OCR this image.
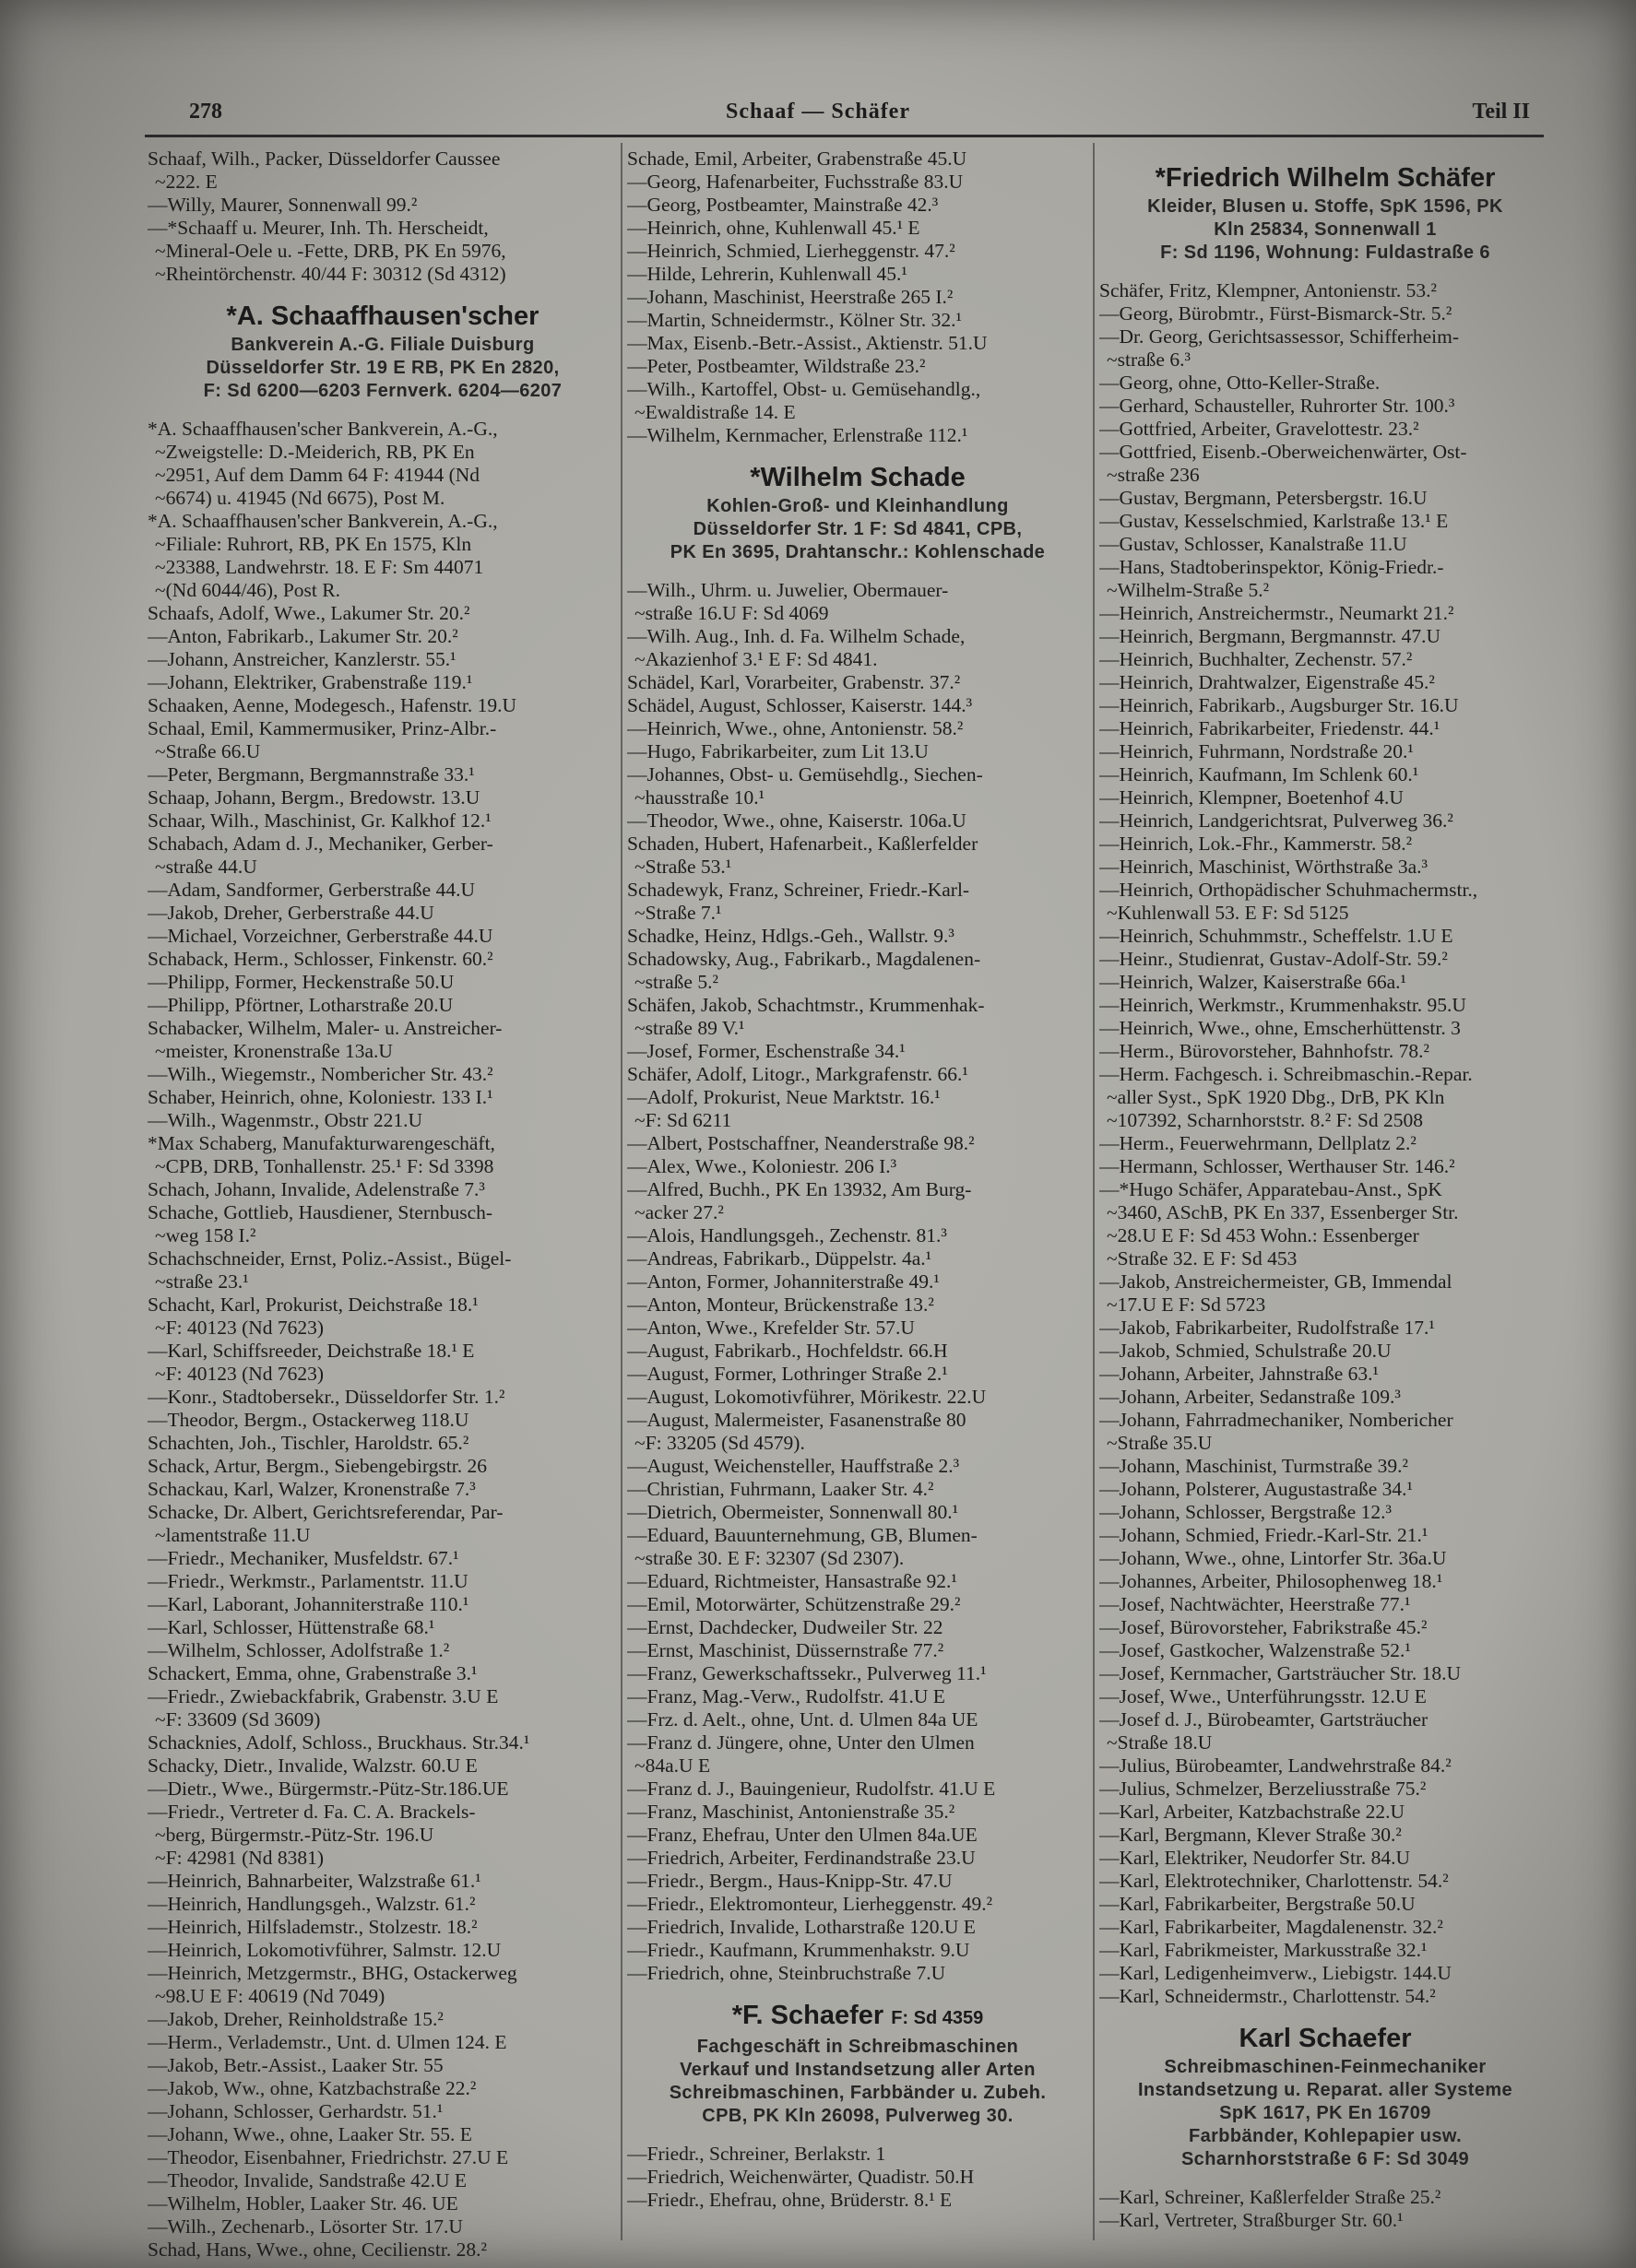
278	Schaaf — Schäfer	Teil II
Schaaf, Wilh., Packer, Düsseldorfer Caussee
~222. E
—Willy, Maurer, Sonnenwall 99.²
—*Schaaff u. Meurer, Inh. Th. Herscheidt,
~Mineral-Oele u. -Fette, DRB, PK En 5976,
~Rheintörchenstr. 40/44 F: 30312 (Sd 4312)
*A. Schaaffhausen'scher
Bankverein A.-G. Filiale Duisburg
Düsseldorfer Str. 19 E RB, PK En 2820,
F: Sd 6200—6203 Fernverk. 6204—6207
*A. Schaaffhausen'scher Bankverein, A.-G.,
~Zweigstelle: D.-Meiderich, RB, PK En
~2951, Auf dem Damm 64 F: 41944 (Nd
~6674) u. 41945 (Nd 6675), Post M.
*A. Schaaffhausen'scher Bankverein, A.-G.,
~Filiale: Ruhrort, RB, PK En 1575, Kln
~23388, Landwehrstr. 18. E F: Sm 44071
~(Nd 6044/46), Post R.
Schaafs, Adolf, Wwe., Lakumer Str. 20.²
—Anton, Fabrikarb., Lakumer Str. 20.²
—Johann, Anstreicher, Kanzlerstr. 55.¹
—Johann, Elektriker, Grabenstraße 119.¹
Schaaken, Aenne, Modegesch., Hafenstr. 19.U
Schaal, Emil, Kammermusiker, Prinz-Albr.-
~Straße 66.U
—Peter, Bergmann, Bergmannstraße 33.¹
Schaap, Johann, Bergm., Bredowstr. 13.U
Schaar, Wilh., Maschinist, Gr. Kalkhof 12.¹
Schabach, Adam d. J., Mechaniker, Gerber-
~straße 44.U
—Adam, Sandformer, Gerberstraße 44.U
—Jakob, Dreher, Gerberstraße 44.U
—Michael, Vorzeichner, Gerberstraße 44.U
Schaback, Herm., Schlosser, Finkenstr. 60.²
—Philipp, Former, Heckenstraße 50.U
—Philipp, Pförtner, Lotharstraße 20.U
Schabacker, Wilhelm, Maler- u. Anstreicher-
~meister, Kronenstraße 13a.U
—Wilh., Wiegemstr., Nombericher Str. 43.²
Schaber, Heinrich, ohne, Koloniestr. 133 I.¹
—Wilh., Wagenmstr., Obstr 221.U
*Max Schaberg, Manufakturwarengeschäft,
~CPB, DRB, Tonhallenstr. 25.¹ F: Sd 3398
Schach, Johann, Invalide, Adelenstraße 7.³
Schache, Gottlieb, Hausdiener, Sternbusch-
~weg 158 I.²
Schachschneider, Ernst, Poliz.-Assist., Bügel-
~straße 23.¹
Schacht, Karl, Prokurist, Deichstraße 18.¹
~F: 40123 (Nd 7623)
—Karl, Schiffsreeder, Deichstraße 18.¹ E
~F: 40123 (Nd 7623)
—Konr., Stadtobersekr., Düsseldorfer Str. 1.²
—Theodor, Bergm., Ostackerweg 118.U
Schachten, Joh., Tischler, Haroldstr. 65.²
Schack, Artur, Bergm., Siebengebirgstr. 26
Schackau, Karl, Walzer, Kronenstraße 7.³
Schacke, Dr. Albert, Gerichtsreferendar, Par-
~lamentstraße 11.U
—Friedr., Mechaniker, Musfeldstr. 67.¹
—Friedr., Werkmstr., Parlamentstr. 11.U
—Karl, Laborant, Johanniterstraße 110.¹
—Karl, Schlosser, Hüttenstraße 68.¹
—Wilhelm, Schlosser, Adolfstraße 1.²
Schackert, Emma, ohne, Grabenstraße 3.¹
—Friedr., Zwiebackfabrik, Grabenstr. 3.U E
~F: 33609 (Sd 3609)
Schacknies, Adolf, Schloss., Bruckhaus. Str.34.¹
Schacky, Dietr., Invalide, Walzstr. 60.U E
—Dietr., Wwe., Bürgermstr.-Pütz-Str.186.UE
—Friedr., Vertreter d. Fa. C. A. Brackels-
~berg, Bürgermstr.-Pütz-Str. 196.U
~F: 42981 (Nd 8381)
—Heinrich, Bahnarbeiter, Walzstraße 61.¹
—Heinrich, Handlungsgeh., Walzstr. 61.²
—Heinrich, Hilfslademstr., Stolzestr. 18.²
—Heinrich, Lokomotivführer, Salmstr. 12.U
—Heinrich, Metzgermstr., BHG, Ostackerweg
~98.U E F: 40619 (Nd 7049)
—Jakob, Dreher, Reinholdstraße 15.²
—Herm., Verlademstr., Unt. d. Ulmen 124. E
—Jakob, Betr.-Assist., Laaker Str. 55
—Jakob, Ww., ohne, Katzbachstraße 22.²
—Johann, Schlosser, Gerhardstr. 51.¹
—Johann, Wwe., ohne, Laaker Str. 55. E
—Theodor, Eisenbahner, Friedrichstr. 27.U E
—Theodor, Invalide, Sandstraße 42.U E
—Wilhelm, Hobler, Laaker Str. 46. UE
—Wilh., Zechenarb., Lösorter Str. 17.U
Schad, Hans, Wwe., ohne, Cecilienstr. 28.²
Schade, Emil, Arbeiter, Grabenstraße 45.U
—Georg, Hafenarbeiter, Fuchsstraße 83.U
—Georg, Postbeamter, Mainstraße 42.³
—Heinrich, ohne, Kuhlenwall 45.¹ E
—Heinrich, Schmied, Lierheggenstr. 47.²
—Hilde, Lehrerin, Kuhlenwall 45.¹
—Johann, Maschinist, Heerstraße 265 I.²
—Martin, Schneidermstr., Kölner Str. 32.¹
—Max, Eisenb.-Betr.-Assist., Aktienstr. 51.U
—Peter, Postbeamter, Wildstraße 23.²
—Wilh., Kartoffel, Obst- u. Gemüsehandlg.,
~Ewaldistraße 14. E
—Wilhelm, Kernmacher, Erlenstraße 112.¹
*Wilhelm Schade
Kohlen-Groß- und Kleinhandlung
Düsseldorfer Str. 1 F: Sd 4841, CPB,
PK En 3695, Drahtanschr.: Kohlenschade
—Wilh., Uhrm. u. Juwelier, Obermauer-
~straße 16.U F: Sd 4069
—Wilh. Aug., Inh. d. Fa. Wilhelm Schade,
~Akazienhof 3.¹ E F: Sd 4841.
Schädel, Karl, Vorarbeiter, Grabenstr. 37.²
Schädel, August, Schlosser, Kaiserstr. 144.³
—Heinrich, Wwe., ohne, Antonienstr. 58.²
—Hugo, Fabrikarbeiter, zum Lit 13.U
—Johannes, Obst- u. Gemüsehdlg., Siechen-
~hausstraße 10.¹
—Theodor, Wwe., ohne, Kaiserstr. 106a.U
Schaden, Hubert, Hafenarbeit., Kaßlerfelder
~Straße 53.¹
Schadewyk, Franz, Schreiner, Friedr.-Karl-
~Straße 7.¹
Schadke, Heinz, Hdlgs.-Geh., Wallstr. 9.³
Schadowsky, Aug., Fabrikarb., Magdalenen-
~straße 5.²
Schäfen, Jakob, Schachtmstr., Krummenhak-
~straße 89 V.¹
—Josef, Former, Eschenstraße 34.¹
Schäfer, Adolf, Litogr., Markgrafenstr. 66.¹
—Adolf, Prokurist, Neue Marktstr. 16.¹
~F: Sd 6211
—Albert, Postschaffner, Neanderstraße 98.²
—Alex, Wwe., Koloniestr. 206 I.³
—Alfred, Buchh., PK En 13932, Am Burg-
~acker 27.²
—Alois, Handlungsgeh., Zechenstr. 81.³
—Andreas, Fabrikarb., Düppelstr. 4a.¹
—Anton, Former, Johanniterstraße 49.¹
—Anton, Monteur, Brückenstraße 13.²
—Anton, Wwe., Krefelder Str. 57.U
—August, Fabrikarb., Hochfeldstr. 66.H
—August, Former, Lothringer Straße 2.¹
—August, Lokomotivführer, Mörikestr. 22.U
—August, Malermeister, Fasanenstraße 80
~F: 33205 (Sd 4579).
—August, Weichensteller, Hauffstraße 2.³
—Christian, Fuhrmann, Laaker Str. 4.²
—Dietrich, Obermeister, Sonnenwall 80.¹
—Eduard, Bauunternehmung, GB, Blumen-
~straße 30. E F: 32307 (Sd 2307).
—Eduard, Richtmeister, Hansastraße 92.¹
—Emil, Motorwärter, Schützenstraße 29.²
—Ernst, Dachdecker, Dudweiler Str. 22
—Ernst, Maschinist, Düssernstraße 77.²
—Franz, Gewerkschaftssekr., Pulverweg 11.¹
—Franz, Mag.-Verw., Rudolfstr. 41.U E
—Frz. d. Aelt., ohne, Unt. d. Ulmen 84a UE
—Franz d. Jüngere, ohne, Unter den Ulmen
~84a.U E
—Franz d. J., Bauingenieur, Rudolfstr. 41.U E
—Franz, Maschinist, Antonienstraße 35.²
—Franz, Ehefrau, Unter den Ulmen 84a.UE
—Friedrich, Arbeiter, Ferdinandstraße 23.U
—Friedr., Bergm., Haus-Knipp-Str. 47.U
—Friedr., Elektromonteur, Lierheggenstr. 49.²
—Friedrich, Invalide, Lotharstraße 120.U E
—Friedr., Kaufmann, Krummenhakstr. 9.U
—Friedrich, ohne, Steinbruchstraße 7.U
*F. Schaefer F: Sd 4359
Fachgeschäft in Schreibmaschinen
Verkauf und Instandsetzung aller Arten
Schreibmaschinen, Farbbänder u. Zubeh.
CPB, PK Kln 26098, Pulverweg 30.
—Friedr., Schreiner, Berlakstr. 1
—Friedrich, Weichenwärter, Quadistr. 50.H
—Friedr., Ehefrau, ohne, Brüderstr. 8.¹ E
*Friedrich Wilhelm Schäfer
Kleider, Blusen u. Stoffe, SpK 1596, PK
Kln 25834, Sonnenwall 1
F: Sd 1196, Wohnung: Fuldastraße 6
Schäfer, Fritz, Klempner, Antonienstr. 53.²
—Georg, Bürobmtr., Fürst-Bismarck-Str. 5.²
—Dr. Georg, Gerichtsassessor, Schifferheim-
~straße 6.³
—Georg, ohne, Otto-Keller-Straße.
—Gerhard, Schausteller, Ruhrorter Str. 100.³
—Gottfried, Arbeiter, Gravelottestr. 23.²
—Gottfried, Eisenb.-Oberweichenwärter, Ost-
~straße 236
—Gustav, Bergmann, Petersbergstr. 16.U
—Gustav, Kesselschmied, Karlstraße 13.¹ E
—Gustav, Schlosser, Kanalstraße 11.U
—Hans, Stadtoberinspektor, König-Friedr.-
~Wilhelm-Straße 5.²
—Heinrich, Anstreichermstr., Neumarkt 21.²
—Heinrich, Bergmann, Bergmannstr. 47.U
—Heinrich, Buchhalter, Zechenstr. 57.²
—Heinrich, Drahtwalzer, Eigenstraße 45.²
—Heinrich, Fabrikarb., Augsburger Str. 16.U
—Heinrich, Fabrikarbeiter, Friedenstr. 44.¹
—Heinrich, Fuhrmann, Nordstraße 20.¹
—Heinrich, Kaufmann, Im Schlenk 60.¹
—Heinrich, Klempner, Boetenhof 4.U
—Heinrich, Landgerichtsrat, Pulverweg 36.²
—Heinrich, Lok.-Fhr., Kammerstr. 58.²
—Heinrich, Maschinist, Wörthstraße 3a.³
—Heinrich, Orthopädischer Schuhmachermstr.,
~Kuhlenwall 53. E F: Sd 5125
—Heinrich, Schuhmmstr., Scheffelstr. 1.U E
—Heinr., Studienrat, Gustav-Adolf-Str. 59.²
—Heinrich, Walzer, Kaiserstraße 66a.¹
—Heinrich, Werkmstr., Krummenhakstr. 95.U
—Heinrich, Wwe., ohne, Emscherhüttenstr. 3
—Herm., Bürovorsteher, Bahnhofstr. 78.²
—Herm. Fachgesch. i. Schreibmaschin.-Repar.
~aller Syst., SpK 1920 Dbg., DrB, PK Kln
~107392, Scharnhorststr. 8.² F: Sd 2508
—Herm., Feuerwehrmann, Dellplatz 2.²
—Hermann, Schlosser, Werthauser Str. 146.²
—*Hugo Schäfer, Apparatebau-Anst., SpK
~3460, ASchB, PK En 337, Essenberger Str.
~28.U E F: Sd 453 Wohn.: Essenberger
~Straße 32. E F: Sd 453
—Jakob, Anstreichermeister, GB, Immendal
~17.U E F: Sd 5723
—Jakob, Fabrikarbeiter, Rudolfstraße 17.¹
—Jakob, Schmied, Schulstraße 20.U
—Johann, Arbeiter, Jahnstraße 63.¹
—Johann, Arbeiter, Sedanstraße 109.³
—Johann, Fahrradmechaniker, Nombericher
~Straße 35.U
—Johann, Maschinist, Turmstraße 39.²
—Johann, Polsterer, Augustastraße 34.¹
—Johann, Schlosser, Bergstraße 12.³
—Johann, Schmied, Friedr.-Karl-Str. 21.¹
—Johann, Wwe., ohne, Lintorfer Str. 36a.U
—Johannes, Arbeiter, Philosophenweg 18.¹
—Josef, Nachtwächter, Heerstraße 77.¹
—Josef, Bürovorsteher, Fabrikstraße 45.²
—Josef, Gastkocher, Walzenstraße 52.¹
—Josef, Kernmacher, Gartsträucher Str. 18.U
—Josef, Wwe., Unterführungsstr. 12.U E
—Josef d. J., Bürobeamter, Gartsträucher
~Straße 18.U
—Julius, Bürobeamter, Landwehrstraße 84.²
—Julius, Schmelzer, Berzeliusstraße 75.²
—Karl, Arbeiter, Katzbachstraße 22.U
—Karl, Bergmann, Klever Straße 30.²
—Karl, Elektriker, Neudorfer Str. 84.U
—Karl, Elektrotechniker, Charlottenstr. 54.²
—Karl, Fabrikarbeiter, Bergstraße 50.U
—Karl, Fabrikarbeiter, Magdalenenstr. 32.²
—Karl, Fabrikmeister, Markusstraße 32.¹
—Karl, Ledigenheimverw., Liebigstr. 144.U
—Karl, Schneidermstr., Charlottenstr. 54.²
Karl Schaefer
Schreibmaschinen-Feinmechaniker
Instandsetzung u. Reparat. aller Systeme
SpK 1617, PK En 16709
Farbbänder, Kohlepapier usw.
Scharnhorststraße 6 F: Sd 3049
—Karl, Schreiner, Kaßlerfelder Straße 25.²
—Karl, Vertreter, Straßburger Str. 60.¹
